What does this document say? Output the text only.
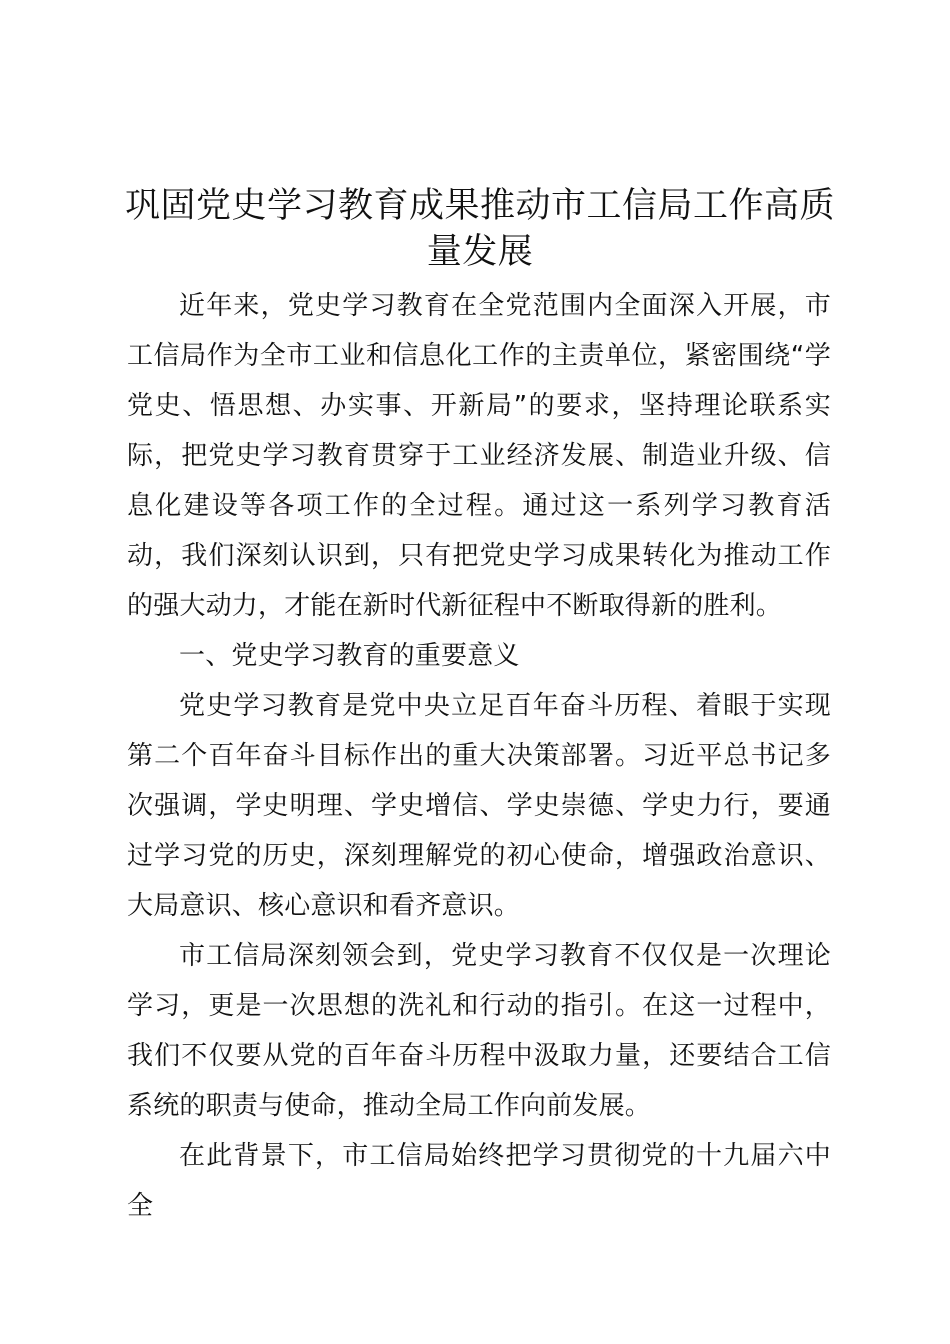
巩固党史学习教育成果推动市工信局工作高质量发展

近年来，党史学习教育在全党范围内全面深入开展，市工信局作为全市工业和信息化工作的主责单位，紧密围绕“学党史、悟思想、办实事、开新局”的要求，坚持理论联系实际，把党史学习教育贯穿于工业经济发展、制造业升级、信息化建设等各项工作的全过程。通过这一系列学习教育活动，我们深刻认识到，只有把党史学习成果转化为推动工作的强大动力，才能在新时代新征程中不断取得新的胜利。

一、党史学习教育的重要意义

党史学习教育是党中央立足百年奋斗历程、着眼于实现第二个百年奋斗目标作出的重大决策部署。习近平总书记多次强调，学史明理、学史增信、学史崇德、学史力行，要通过学习党的历史，深刻理解党的初心使命，增强政治意识、大局意识、核心意识和看齐意识。

市工信局深刻领会到，党史学习教育不仅仅是一次理论学习，更是一次思想的洗礼和行动的指引。在这一过程中，我们不仅要从党的百年奋斗历程中汲取力量，还要结合工信系统的职责与使命，推动全局工作向前发展。

在此背景下，市工信局始终把学习贯彻党的十九届六中全
